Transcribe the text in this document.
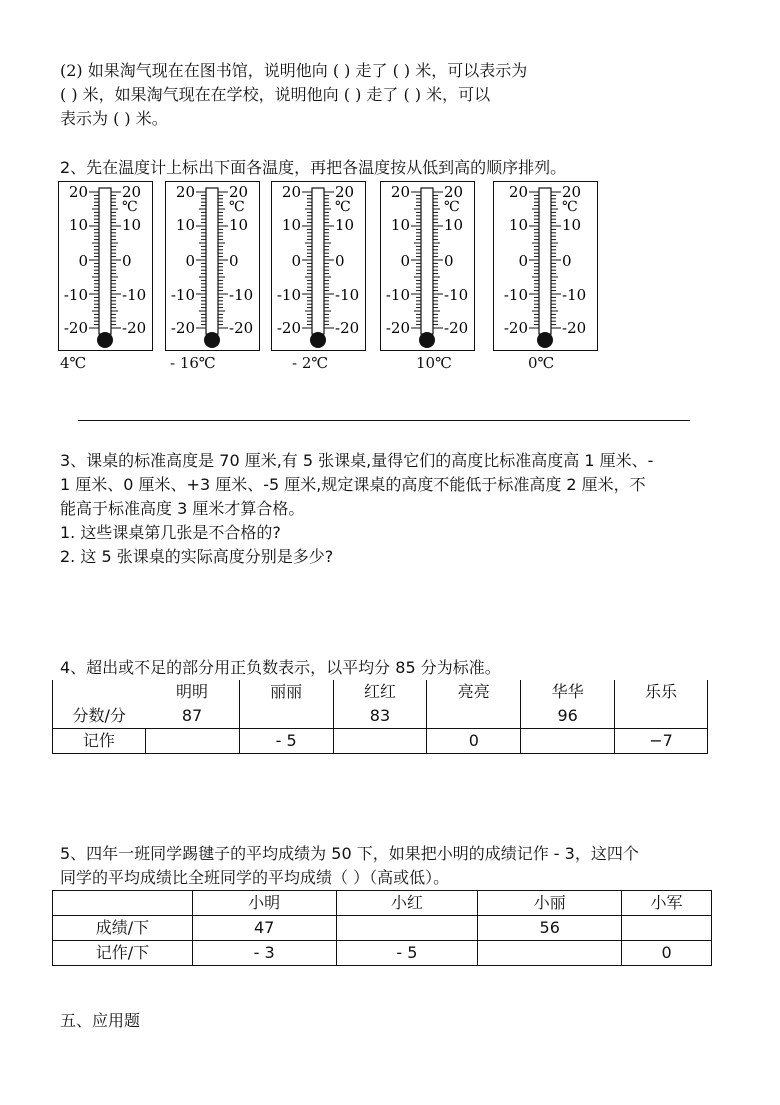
(2) 如果淘气现在在图书馆，说明他向 ( ) 走了 ( ) 米，可以表示为
( ) 米，如果淘气现在在学校，说明他向 ( ) 走了 ( ) 米，可以
表示为 ( ) 米。
2、先在温度计上标出下面各温度，再把各温度按从低到高的顺序排列。
20 20
10 10
0 0
-10 -10
-20 -20
℃
20 20
10 10
0 0
-10 -10
-20 -20
℃
20 20
10 10
0 0
-10 -10
-20 -20
℃
20 20
10 10
0 0
-10 -10
-20 -20
℃
20 20
10 10
0 0
-10 -10
-20 -20
℃
4℃	- 16℃	- 2℃	10℃	0℃
3、课桌的标准高度是 70 厘米,有 5 张课桌,量得它们的高度比标准高度高 1 厘米、-
1 厘米、0 厘米、+3 厘米、-5 厘米,规定课桌的高度不能低于标准高度 2 厘米，不
能高于标准高度 3 厘米才算合格。
1. 这些课桌第几张是不合格的?
2. 这 5 张课桌的实际高度分别是多少?
4、超出或不足的部分用正负数表示，以平均分 85 分为标准。
	明明	丽丽	红红	亮亮	华华	乐乐
分数/分	87		83		96	
记作		- 5		0		−7
5、四年一班同学踢毽子的平均成绩为 50 下，如果把小明的成绩记作 - 3，这四个
同学的平均成绩比全班同学的平均成绩（ ）（高或低）。
	小明	小红	小丽	小军
成绩/下	47		56	
记作/下	- 3	- 5		0
五、应用题
